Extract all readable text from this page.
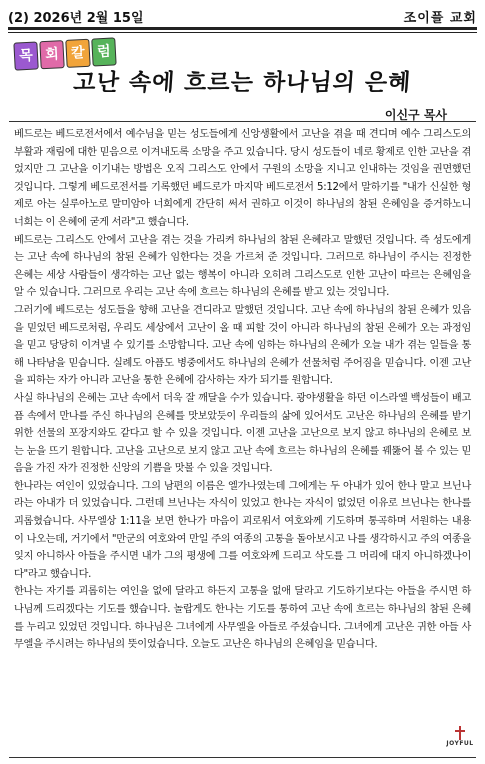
(2) 2026년 2월 15일	조이플 교회
목 회 칼 럼
고난 속에 흐르는 하나님의 은혜
이신구 목사

베드로는 베드로전서에서 예수님을 믿는 성도들에게 신앙생활에서 고난을 겪을 때 견디며 예수 그리스도의 부활과 재림에 대한 믿음으로 이겨내도록 소망을 주고 있습니다. 당시 성도들이 네로 황제로 인한 고난을 겪었지만 그 고난을 이기내는 방법은 오직 그리스도 안에서 구원의 소망을 지니고 인내하는 것임을 권면했던 것입니다. 그렇게 베드로전서를 기록했던 베드로가 마지막 베드로전서 5:12에서 말하기를 "내가 신실한 형제로 아는 실루아노로 말미암아 너희에게 간단히 써서 권하고 이것이 하나님의 참된 은혜임을 증거하노니 너희는 이 은혜에 굳게 서라"고 했습니다.

베드로는 그리스도 안에서 고난을 겪는 것을 가리켜 하나님의 참된 은혜라고 말했던 것입니다. 즉 성도에게는 고난 속에 하나님의 참된 은혜가 임한다는 것을 가르쳐 준 것입니다. 그러므로 하나님이 주시는 진정한 은혜는 세상 사람들이 생각하는 고난 없는 행복이 아니라 오히려 그리스도로 인한 고난이 따르는 은혜임을 알 수 있습니다. 그러므로 우리는 고난 속에 흐르는 하나님의 은혜를 받고 있는 것입니다.

그러기에 베드로는 성도들을 향해 고난을 견디라고 말했던 것입니다. 고난 속에 하나님의 참된 은혜가 있음을 믿었던 베드로처럼, 우리도 세상에서 고난이 올 때 피할 것이 아니라 하나님의 참된 은혜가 오는 과정임을 믿고 당당히 이겨낼 수 있기를 소망합니다. 고난 속에 임하는 하나님의 은혜가 오늘 내가 겪는 일들을 통해 나타남을 믿습니다. 실례도 아픔도 병중에서도 하나님의 은혜가 선물처럼 주어짐을 믿습니다. 이젠 고난을 피하는 자가 아니라 고난을 통한 은혜에 감사하는 자가 되기를 원합니다.

사실 하나님의 은혜는 고난 속에서 더욱 잘 깨달을 수가 있습니다. 광야생활을 하던 이스라엘 백성들이 배고픔 속에서 만나를 주신 하나님의 은혜를 맛보았듯이 우리들의 삶에 있어서도 고난은 하나님의 은혜를 받기 위한 선물의 포장지와도 같다고 할 수 있을 것입니다. 이젠 고난을 고난으로 보지 않고 하나님의 은혜로 보는 눈을 뜨기 원합니다. 고난을 고난으로 보지 않고 고난 속에 흐르는 하나님의 은혜를 꿰뚫어 볼 수 있는 믿음을 가진 자가 진정한 신앙의 기쁨을 맛볼 수 있을 것입니다.

한나라는 여인이 있었습니다. 그의 남편의 이름은 엘가나였는데 그에게는 두 아내가 있어 한나 말고 브닌나라는 아내가 더 있었습니다. 그런데 브닌나는 자식이 있었고 한나는 자식이 없었던 이유로 브닌나는 한나를 괴롭혔습니다. 사무엘상 1:11을 보면 한나가 마음이 괴로워서 여호와께 기도하며 통곡하며 서원하는 내용이 나오는데, 거기에서 "만군의 여호와여 만일 주의 여종의 고통을 돌아보시고 나를 생각하시고 주의 여종을 잊지 아니하사 아들을 주시면 내가 그의 평생에 그를 여호와께 드리고 삭도를 그 머리에 대지 아니하겠나이다"라고 했습니다.

한나는 자기를 괴롭히는 여인을 없에 달라고 하든지 고통을 없애 달라고 기도하기보다는 아들을 주시면 하나님께 드리겠다는 기도를 했습니다. 놀랍게도 한나는 기도를 통하여 고난 속에 흐르는 하나님의 참된 은혜를 누리고 있었던 것입니다. 하나님은 그녀에게 사무엘을 아들로 주셨습니다. 그녀에게 고난은 귀한 아들 사무엘을 주시려는 하나님의 뜻이었습니다. 오늘도 고난은 하나님의 은혜임을 믿습니다.

JOYFUL
